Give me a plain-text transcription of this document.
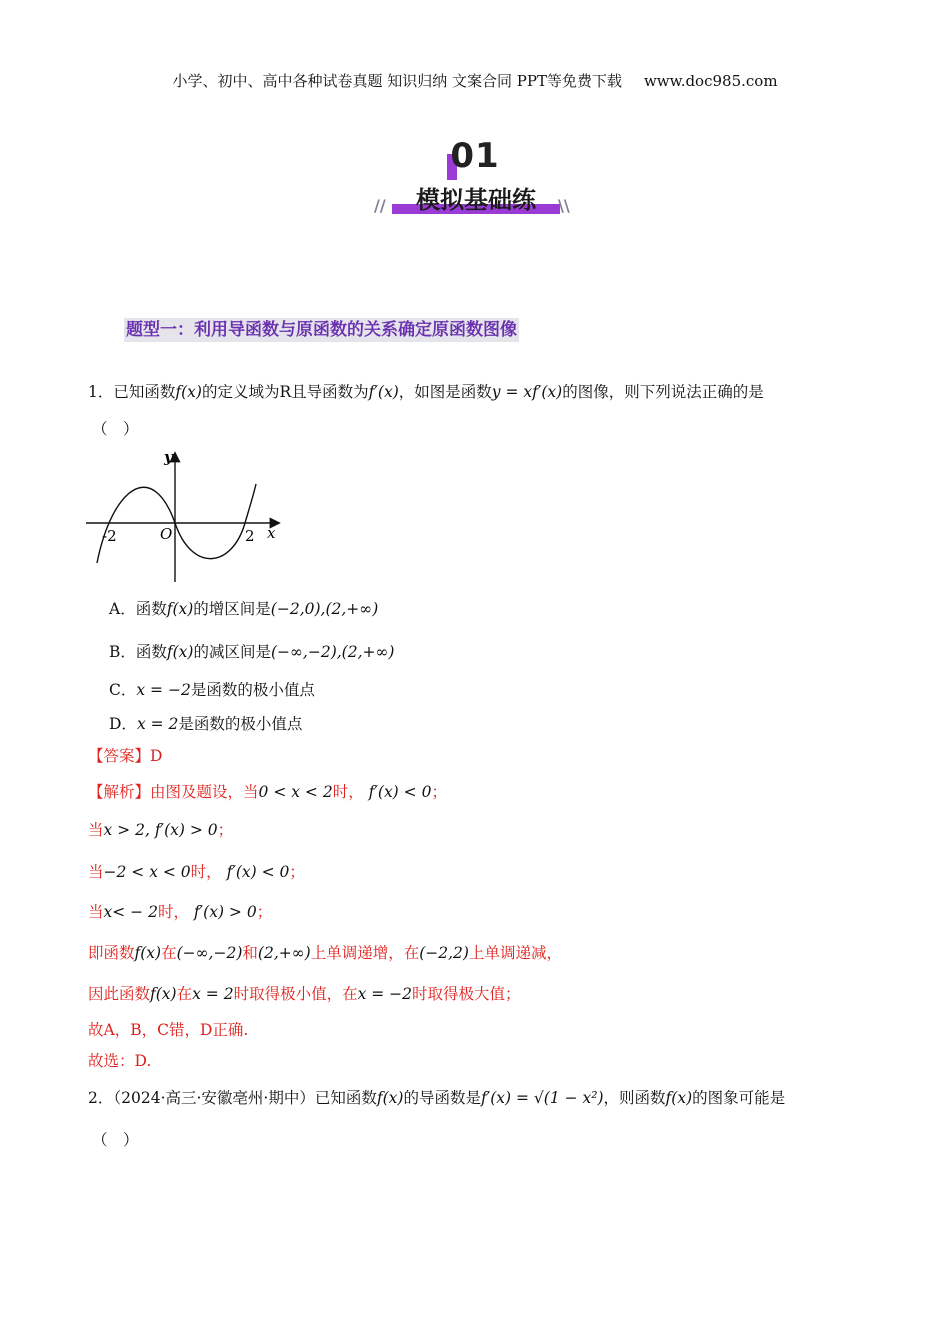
小学、初中、高中各种试卷真题 知识归纳 文案合同 PPT等免费下载 www.doc985.com
01
//	模拟基础练	\\
题型一：利用导函数与原函数的关系确定原函数图像
1．已知函数f(x)的定义域为R且导函数为f′(x)，如图是函数y = xf′(x)的图像，则下列说法正确的是
（　）
y
x
O
-2	2
A．函数f(x)的增区间是(−2,0),(2,+∞)
B．函数f(x)的减区间是(−∞,−2),(2,+∞)
C．x = −2是函数的极小值点
D．x = 2是函数的极小值点
【答案】D
【解析】由图及题设，当0 < x < 2时， f′(x) < 0；
当x > 2, f′(x) > 0；
当−2 < x < 0时， f′(x) < 0；
当x< − 2时， f′(x) > 0；
即函数f(x)在(−∞,−2)和(2,+∞)上单调递增，在(−2,2)上单调递减，
因此函数f(x)在x = 2时取得极小值，在x = −2时取得极大值；
故A，B，C错，D正确.
故选：D.
2．（2024·高三·安徽亳州·期中）已知函数f(x)的导函数是f′(x) = √(1 − x²)，则函数f(x)的图象可能是
（　）
